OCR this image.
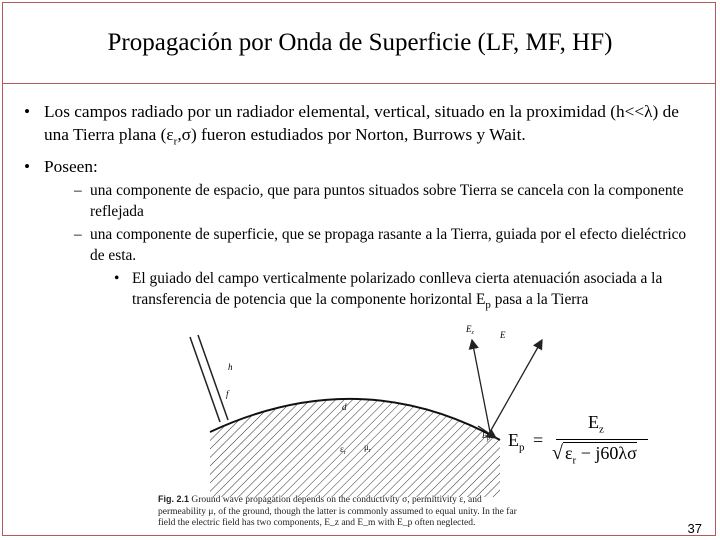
Propagación por Onda de Superficie (LF, MF, HF)
• Los campos radiado por un radiador elemental, vertical, situado en la proximidad (h<<λ) de una Tierra plana $(\varepsilon_r,\sigma)$ fueron estudiados por Norton, Burrows y Wait.
• Poseen:
– una componente de espacio, que para puntos situados sobre Tierra se cancela con la componente reflejada
– una componente de superficie, que se propaga rasante a la Tierra, guiada por el efecto dieléctrico de esta.
• El guiado del campo verticalmente polarizado conlleva cierta atenuación asociada a la transferencia de potencia que la componente horizontal $E_p$ pasa a la Tierra
h
f
d
$E_z$	E
$E_p$
$\varepsilon_r$
$\mu_r$
$E_p$ =
$E_z$
√ $\varepsilon_r - j60\lambda\sigma$
Fig. 2.1 Ground wave propagation depends on the conductivity σ, permittivity ε, and permeability μ, of the ground, though the latter is commonly assumed to equal unity. In the far field the electric field has two components, E_z and E_m with E_p often neglected.	37
